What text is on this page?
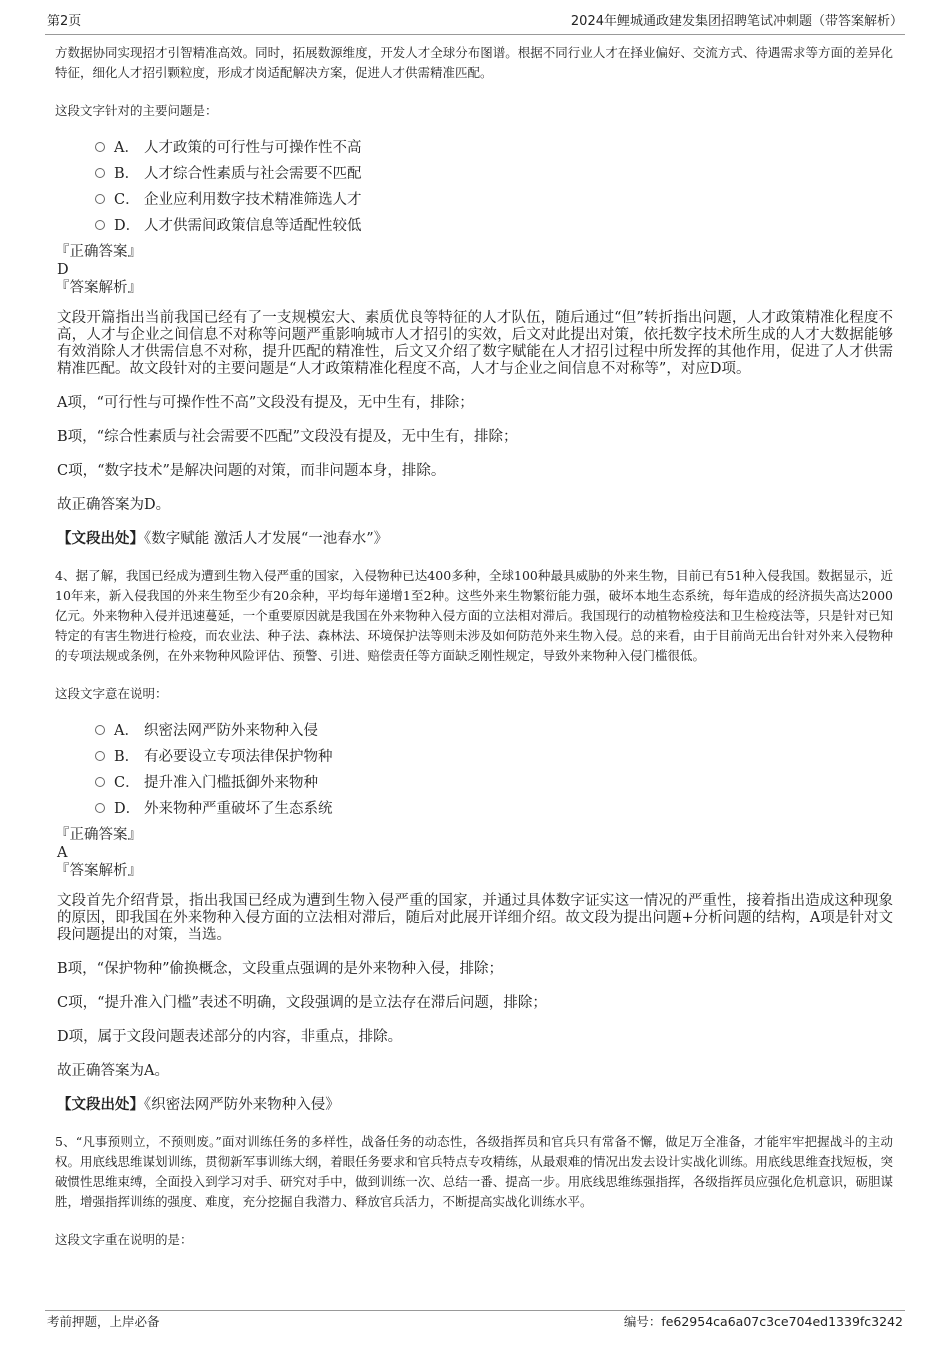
第2页	2024年鲤城通政建发集团招聘笔试冲刺题（带答案解析）

方数据协同实现招才引智精准高效。同时，拓展数源维度，开发人才全球分布图谱。根据不同行业人才在择业偏好、交流方式、待遇需求等方面的差异化特征，细化人才招引颗粒度，形成才岗适配解决方案，促进人才供需精准匹配。

这段文字针对的主要问题是：

A． 人才政策的可行性与可操作性不高
B． 人才综合性素质与社会需要不匹配
C． 企业应利用数字技术精准筛选人才
D． 人才供需间政策信息等适配性较低

『正确答案』

D

『答案解析』

文段开篇指出当前我国已经有了一支规模宏大、素质优良等特征的人才队伍，随后通过“但”转折指出问题，人才政策精准化程度不高，人才与企业之间信息不对称等问题严重影响城市人才招引的实效，后文对此提出对策，依托数字技术所生成的人才大数据能够有效消除人才供需信息不对称，提升匹配的精准性，后文又介绍了数字赋能在人才招引过程中所发挥的其他作用，促进了人才供需精准匹配。故文段针对的主要问题是“人才政策精准化程度不高，人才与企业之间信息不对称等”，对应D项。

A项，“可行性与可操作性不高”文段没有提及，无中生有，排除；

B项，“综合性素质与社会需要不匹配”文段没有提及，无中生有，排除；

C项，“数字技术”是解决问题的对策，而非问题本身，排除。

故正确答案为D。

【文段出处】《数字赋能 激活人才发展“一池春水”》

4、据了解，我国已经成为遭到生物入侵严重的国家，入侵物种已达400多种，全球100种最具威胁的外来生物，目前已有51种入侵我国。数据显示，近10年来，新入侵我国的外来生物至少有20余种，平均每年递增1至2种。这些外来生物繁衍能力强，破坏本地生态系统，每年造成的经济损失高达2000亿元。外来物种入侵并迅速蔓延，一个重要原因就是我国在外来物种入侵方面的立法相对滞后。我国现行的动植物检疫法和卫生检疫法等，只是针对已知特定的有害生物进行检疫，而农业法、种子法、森林法、环境保护法等则未涉及如何防范外来生物入侵。总的来看，由于目前尚无出台针对外来入侵物种的专项法规或条例，在外来物种风险评估、预警、引进、赔偿责任等方面缺乏刚性规定，导致外来物种入侵门槛很低。

这段文字意在说明：

A． 织密法网严防外来物种入侵
B． 有必要设立专项法律保护物种
C． 提升准入门槛抵御外来物种
D． 外来物种严重破坏了生态系统

『正确答案』

A

『答案解析』

文段首先介绍背景，指出我国已经成为遭到生物入侵严重的国家，并通过具体数字证实这一情况的严重性，接着指出造成这种现象的原因，即我国在外来物种入侵方面的立法相对滞后，随后对此展开详细介绍。故文段为提出问题+分析问题的结构，A项是针对文段问题提出的对策，当选。

B项，“保护物种”偷换概念，文段重点强调的是外来物种入侵，排除；

C项，“提升准入门槛”表述不明确，文段强调的是立法存在滞后问题，排除；

D项，属于文段问题表述部分的内容，非重点，排除。

故正确答案为A。

【文段出处】《织密法网严防外来物种入侵》

5、“凡事预则立，不预则废。”面对训练任务的多样性，战备任务的动态性，各级指挥员和官兵只有常备不懈，做足万全准备，才能牢牢把握战斗的主动权。用底线思维谋划训练，贯彻新军事训练大纲，着眼任务要求和官兵特点专攻精练，从最艰难的情况出发去设计实战化训练。用底线思维查找短板，突破惯性思维束缚，全面投入到学习对手、研究对手中，做到训练一次、总结一番、提高一步。用底线思维练强指挥，各级指挥员应强化危机意识，砺胆谋胜，增强指挥训练的强度、难度，充分挖掘自我潜力、释放官兵活力，不断提高实战化训练水平。

这段文字重在说明的是：

考前押题，上岸必备	编号：fe62954ca6a07c3ce704ed1339fc3242
